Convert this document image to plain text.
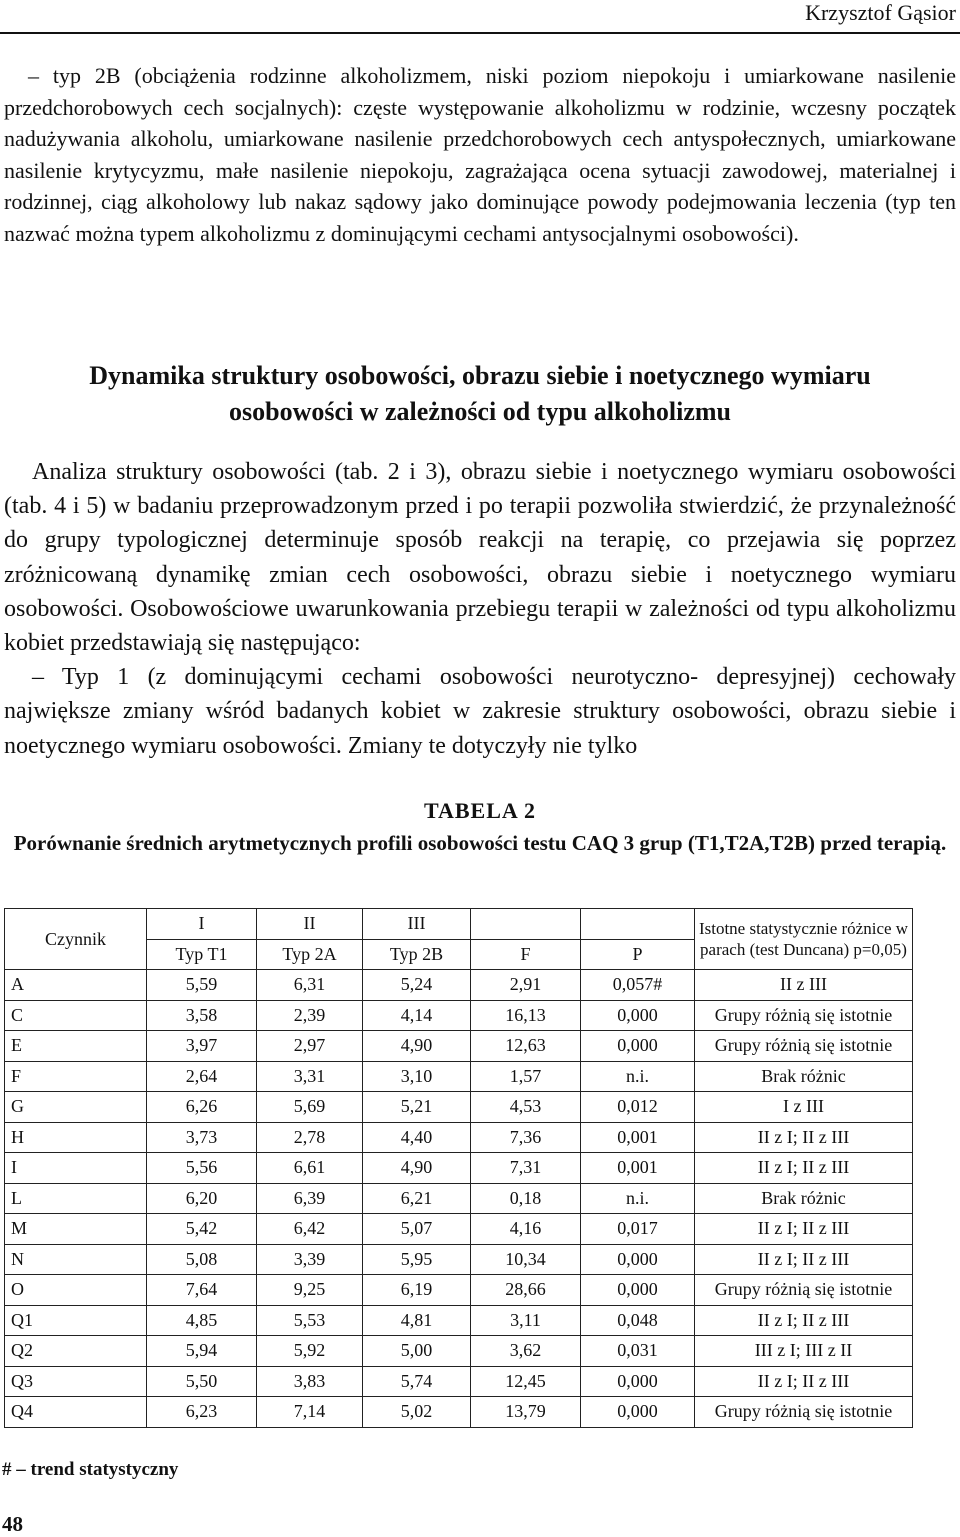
Krzysztof Gąsior

– typ 2B (obciążenia rodzinne alkoholizmem, niski poziom niepokoju i umiarkowane nasilenie przedchorobowych cech socjalnych): częste występowanie alkoholizmu w rodzinie, wczesny początek nadużywania alkoholu, umiarkowane nasilenie przedchorobowych cech antyspołecznych, umiarkowane nasilenie krytycyzmu, małe nasilenie niepokoju, zagrażająca ocena sytuacji zawodowej, materialnej i rodzinnej, ciąg alkoholowy lub nakaz sądowy jako dominujące powody podejmowania leczenia (typ ten nazwać można typem alkoholizmu z dominującymi cechami antysocjalnymi osobowości).

Dynamika struktury osobowości, obrazu siebie i noetycznego wymiaru
osobowości w zależności od typu alkoholizmu
Analiza struktury osobowości (tab. 2 i 3), obrazu siebie i noetycznego wymiaru osobowości (tab. 4 i 5) w badaniu przeprowadzonym przed i po terapii pozwoliła stwierdzić, że przynależność do grupy typologicznej determinuje sposób reakcji na terapię, co przejawia się poprzez zróżnicowaną dynamikę zmian cech osobowości, obrazu siebie i noetycznego wymiaru osobowości. Osobowościowe uwarunkowania przebiegu terapii w zależności od typu alkoholizmu kobiet przedstawiają się następująco:
– Typ 1 (z dominującymi cechami osobowości neurotyczno- depresyjnej) cechowały największe zmiany wśród badanych kobiet w zakresie struktury osobowości, obrazu siebie i noetycznego wymiaru osobowości. Zmiany te dotyczyły nie tylko
TABELA 2
Porównanie średnich arytmetycznych profili osobowości testu CAQ 3 grup (T1,T2A,T2B) przed terapią.
Czynnik	I	II	III			Istotne statystycznie różnice w parach (test Duncana) p=0,05)
	Typ T1	Typ 2A	Typ 2B	F	P	
A	5,59	6,31	5,24	2,91	0,057#	II z III
C	3,58	2,39	4,14	16,13	0,000	Grupy różnią się istotnie
E	3,97	2,97	4,90	12,63	0,000	Grupy różnią się istotnie
F	2,64	3,31	3,10	1,57	n.i.	Brak różnic
G	6,26	5,69	5,21	4,53	0,012	I z III
H	3,73	2,78	4,40	7,36	0,001	II z I; II z III
I	5,56	6,61	4,90	7,31	0,001	II z I; II z III
L	6,20	6,39	6,21	0,18	n.i.	Brak różnic
M	5,42	6,42	5,07	4,16	0,017	II z I; II z III
N	5,08	3,39	5,95	10,34	0,000	II z I; II z III
O	7,64	9,25	6,19	28,66	0,000	Grupy różnią się istotnie
Q1	4,85	5,53	4,81	3,11	0,048	II z I; II z III
Q2	5,94	5,92	5,00	3,62	0,031	III z I; III z II
Q3	5,50	3,83	5,74	12,45	0,000	II z I; II z III
Q4	6,23	7,14	5,02	13,79	0,000	Grupy różnią się istotnie
# – trend statystyczny
48
